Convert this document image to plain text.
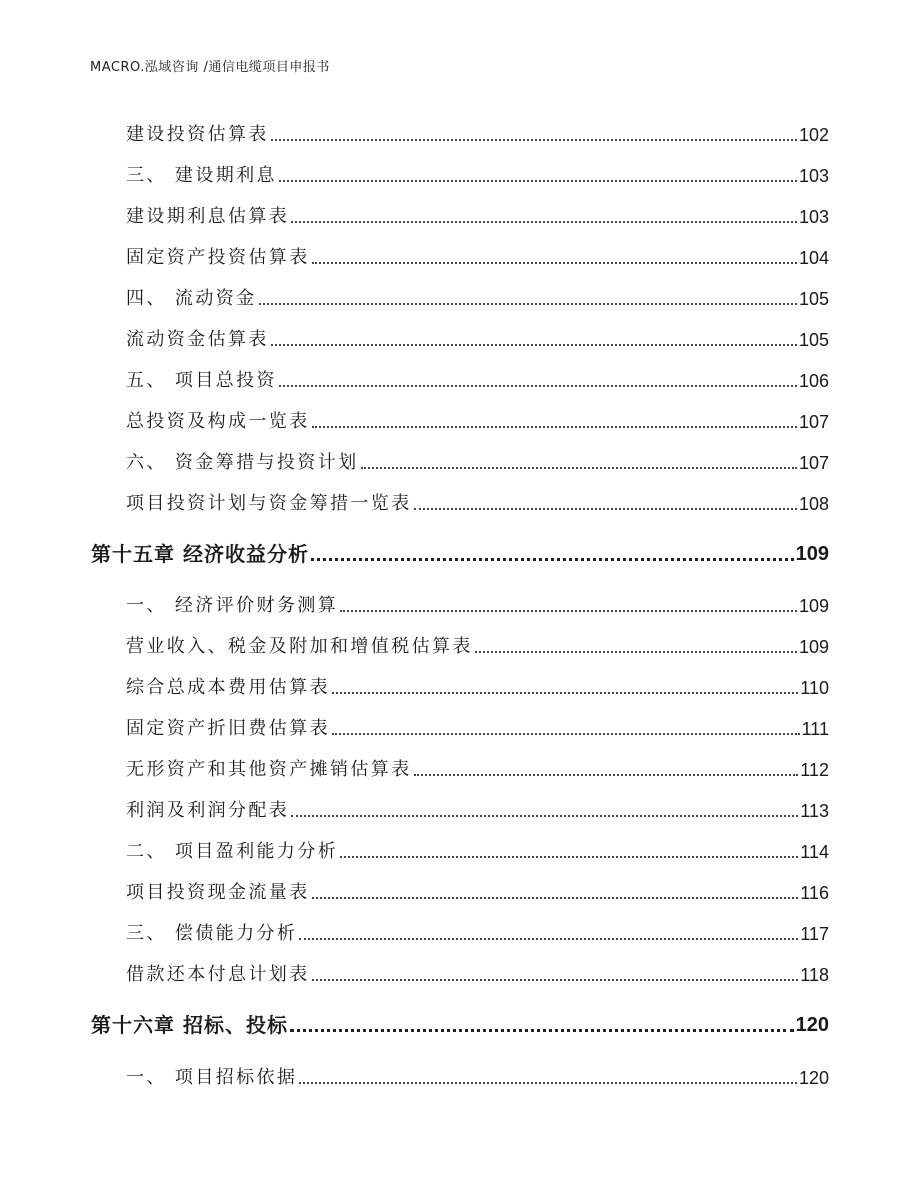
MACRO.泓域咨询 /通信电缆项目申报书
建设投资估算表	102
三、 建设期利息	103
建设期利息估算表	103
固定资产投资估算表	104
四、 流动资金	105
流动资金估算表	105
五、 项目总投资	106
总投资及构成一览表	107
六、 资金筹措与投资计划	107
项目投资计划与资金筹措一览表	108
第十五章 经济收益分析	109
一、 经济评价财务测算	109
营业收入、税金及附加和增值税估算表	109
综合总成本费用估算表	110
固定资产折旧费估算表	111
无形资产和其他资产摊销估算表	112
利润及利润分配表	113
二、 项目盈利能力分析	114
项目投资现金流量表	116
三、 偿债能力分析	117
借款还本付息计划表	118
第十六章 招标、投标	120
一、 项目招标依据	120
